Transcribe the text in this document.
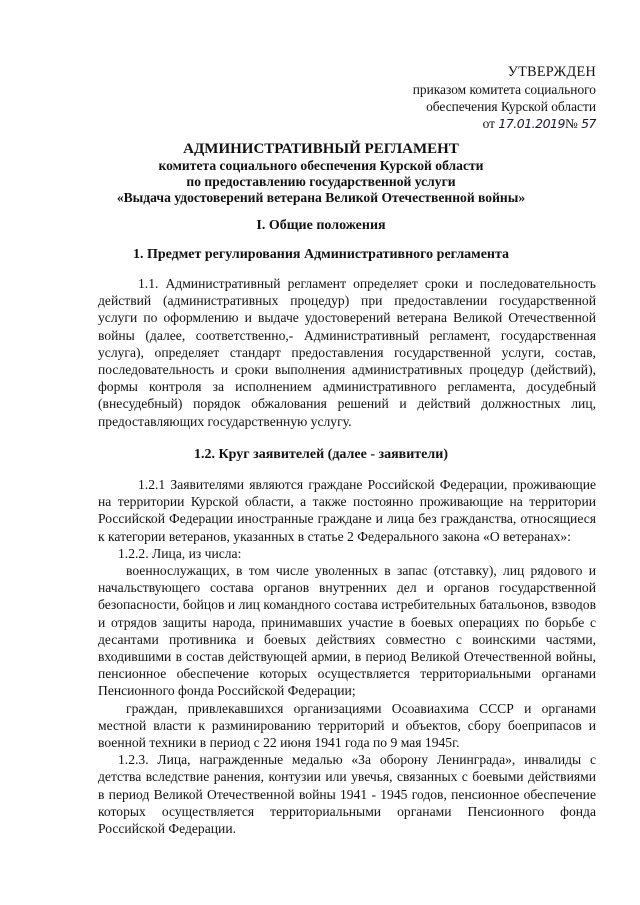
УТВЕРЖДЕН
приказом комитета социального
обеспечения Курской области
от 17.01.2019№ 57
АДМИНИСТРАТИВНЫЙ РЕГЛАМЕНТ
комитета социального обеспечения Курской области
по предоставлению государственной услуги
«Выдача удостоверений ветерана Великой Отечественной войны»
I. Общие положения
1. Предмет регулирования Административного регламента

1.1. Административный регламент определяет сроки и последовательность действий (административных процедур) при предоставлении государственной услуги по оформлению и выдаче удостоверений ветерана Великой Отечественной войны (далее, соответственно,- Административный регламент, государственная услуга), определяет стандарт предоставления государственной услуги, состав, последовательность и сроки выполнения административных процедур (действий), формы контроля за исполнением административного регламента, досудебный (внесудебный) порядок обжалования решений и действий должностных лиц, предоставляющих государственную услугу.

1.2. Круг заявителей (далее - заявители)

1.2.1 Заявителями являются граждане Российской Федерации, проживающие на территории Курской области, а также постоянно проживающие на территории Российской Федерации иностранные граждане и лица без гражданства, относящиеся к категории ветеранов, указанных в статье 2 Федерального закона «О ветеранах»:

1.2.2. Лица, из числа:

военнослужащих, в том числе уволенных в запас (отставку), лиц рядового и начальствующего состава органов внутренних дел и органов государственной безопасности, бойцов и лиц командного состава истребительных батальонов, взводов и отрядов защиты народа, принимавших участие в боевых операциях по борьбе с десантами противника и боевых действиях совместно с воинскими частями, входившими в состав действующей армии, в период Великой Отечественной войны, пенсионное обеспечение которых осуществляется территориальными органами Пенсионного фонда Российской Федерации;

граждан, привлекавшихся организациями Осоавиахима СССР и органами местной власти к разминированию территорий и объектов, сбору боеприпасов и военной техники в период с 22 июня 1941 года по 9 мая 1945г.

1.2.3. Лица, награжденные медалью «За оборону Ленинграда», инвалиды с детства вследствие ранения, контузии или увечья, связанных с боевыми действиями в период Великой Отечественной войны 1941 - 1945 годов, пенсионное обеспечение которых осуществляется территориальными органами Пенсионного фонда Российской Федерации.
